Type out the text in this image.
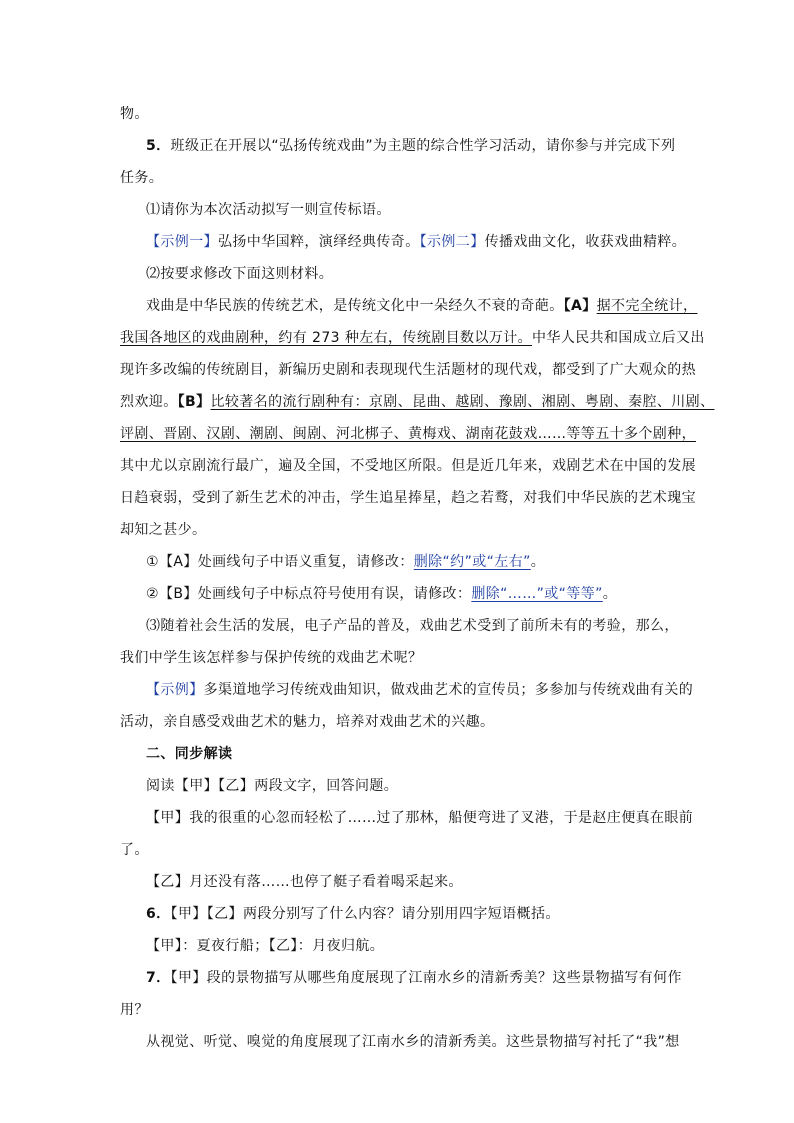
物。
5．班级正在开展以“弘扬传统戏曲”为主题的综合性学习活动，请你参与并完成下列
任务。
⑴请你为本次活动拟写一则宣传标语。
【示例一】弘扬中华国粹，演绎经典传奇。【示例二】传播戏曲文化，收获戏曲精粹。
⑵按要求修改下面这则材料。
戏曲是中华民族的传统艺术，是传统文化中一朵经久不衰的奇葩。【A】据不完全统计，
我国各地区的戏曲剧种，约有 273 种左右，传统剧目数以万计。中华人民共和国成立后又出
现许多改编的传统剧目，新编历史剧和表现现代生活题材的现代戏，都受到了广大观众的热
烈欢迎。【B】比较著名的流行剧种有：京剧、昆曲、越剧、豫剧、湘剧、粤剧、秦腔、川剧、
评剧、晋剧、汉剧、潮剧、闽剧、河北梆子、黄梅戏、湖南花鼓戏……等等五十多个剧种，
其中尤以京剧流行最广，遍及全国，不受地区所限。但是近几年来，戏剧艺术在中国的发展
日趋衰弱，受到了新生艺术的冲击，学生追星捧星，趋之若鹜，对我们中华民族的艺术瑰宝
却知之甚少。
①【A】处画线句子中语义重复，请修改：删除“约”或“左右”。
②【B】处画线句子中标点符号使用有误，请修改：删除“……”或“等等”。
⑶随着社会生活的发展，电子产品的普及，戏曲艺术受到了前所未有的考验，那么，
我们中学生该怎样参与保护传统的戏曲艺术呢？
【示例】多渠道地学习传统戏曲知识，做戏曲艺术的宣传员；多参加与传统戏曲有关的
活动，亲自感受戏曲艺术的魅力，培养对戏曲艺术的兴趣。
二、同步解读
阅读【甲】【乙】两段文字，回答问题。
【甲】我的很重的心忽而轻松了……过了那林，船便弯进了叉港，于是赵庄便真在眼前
了。
【乙】月还没有落……也停了艇子看着喝采起来。
6．【甲】【乙】两段分别写了什么内容？请分别用四字短语概括。
【甲】：夏夜行船；【乙】：月夜归航。
7．【甲】段的景物描写从哪些角度展现了江南水乡的清新秀美？这些景物描写有何作
用？
从视觉、听觉、嗅觉的角度展现了江南水乡的清新秀美。这些景物描写衬托了“我”想
